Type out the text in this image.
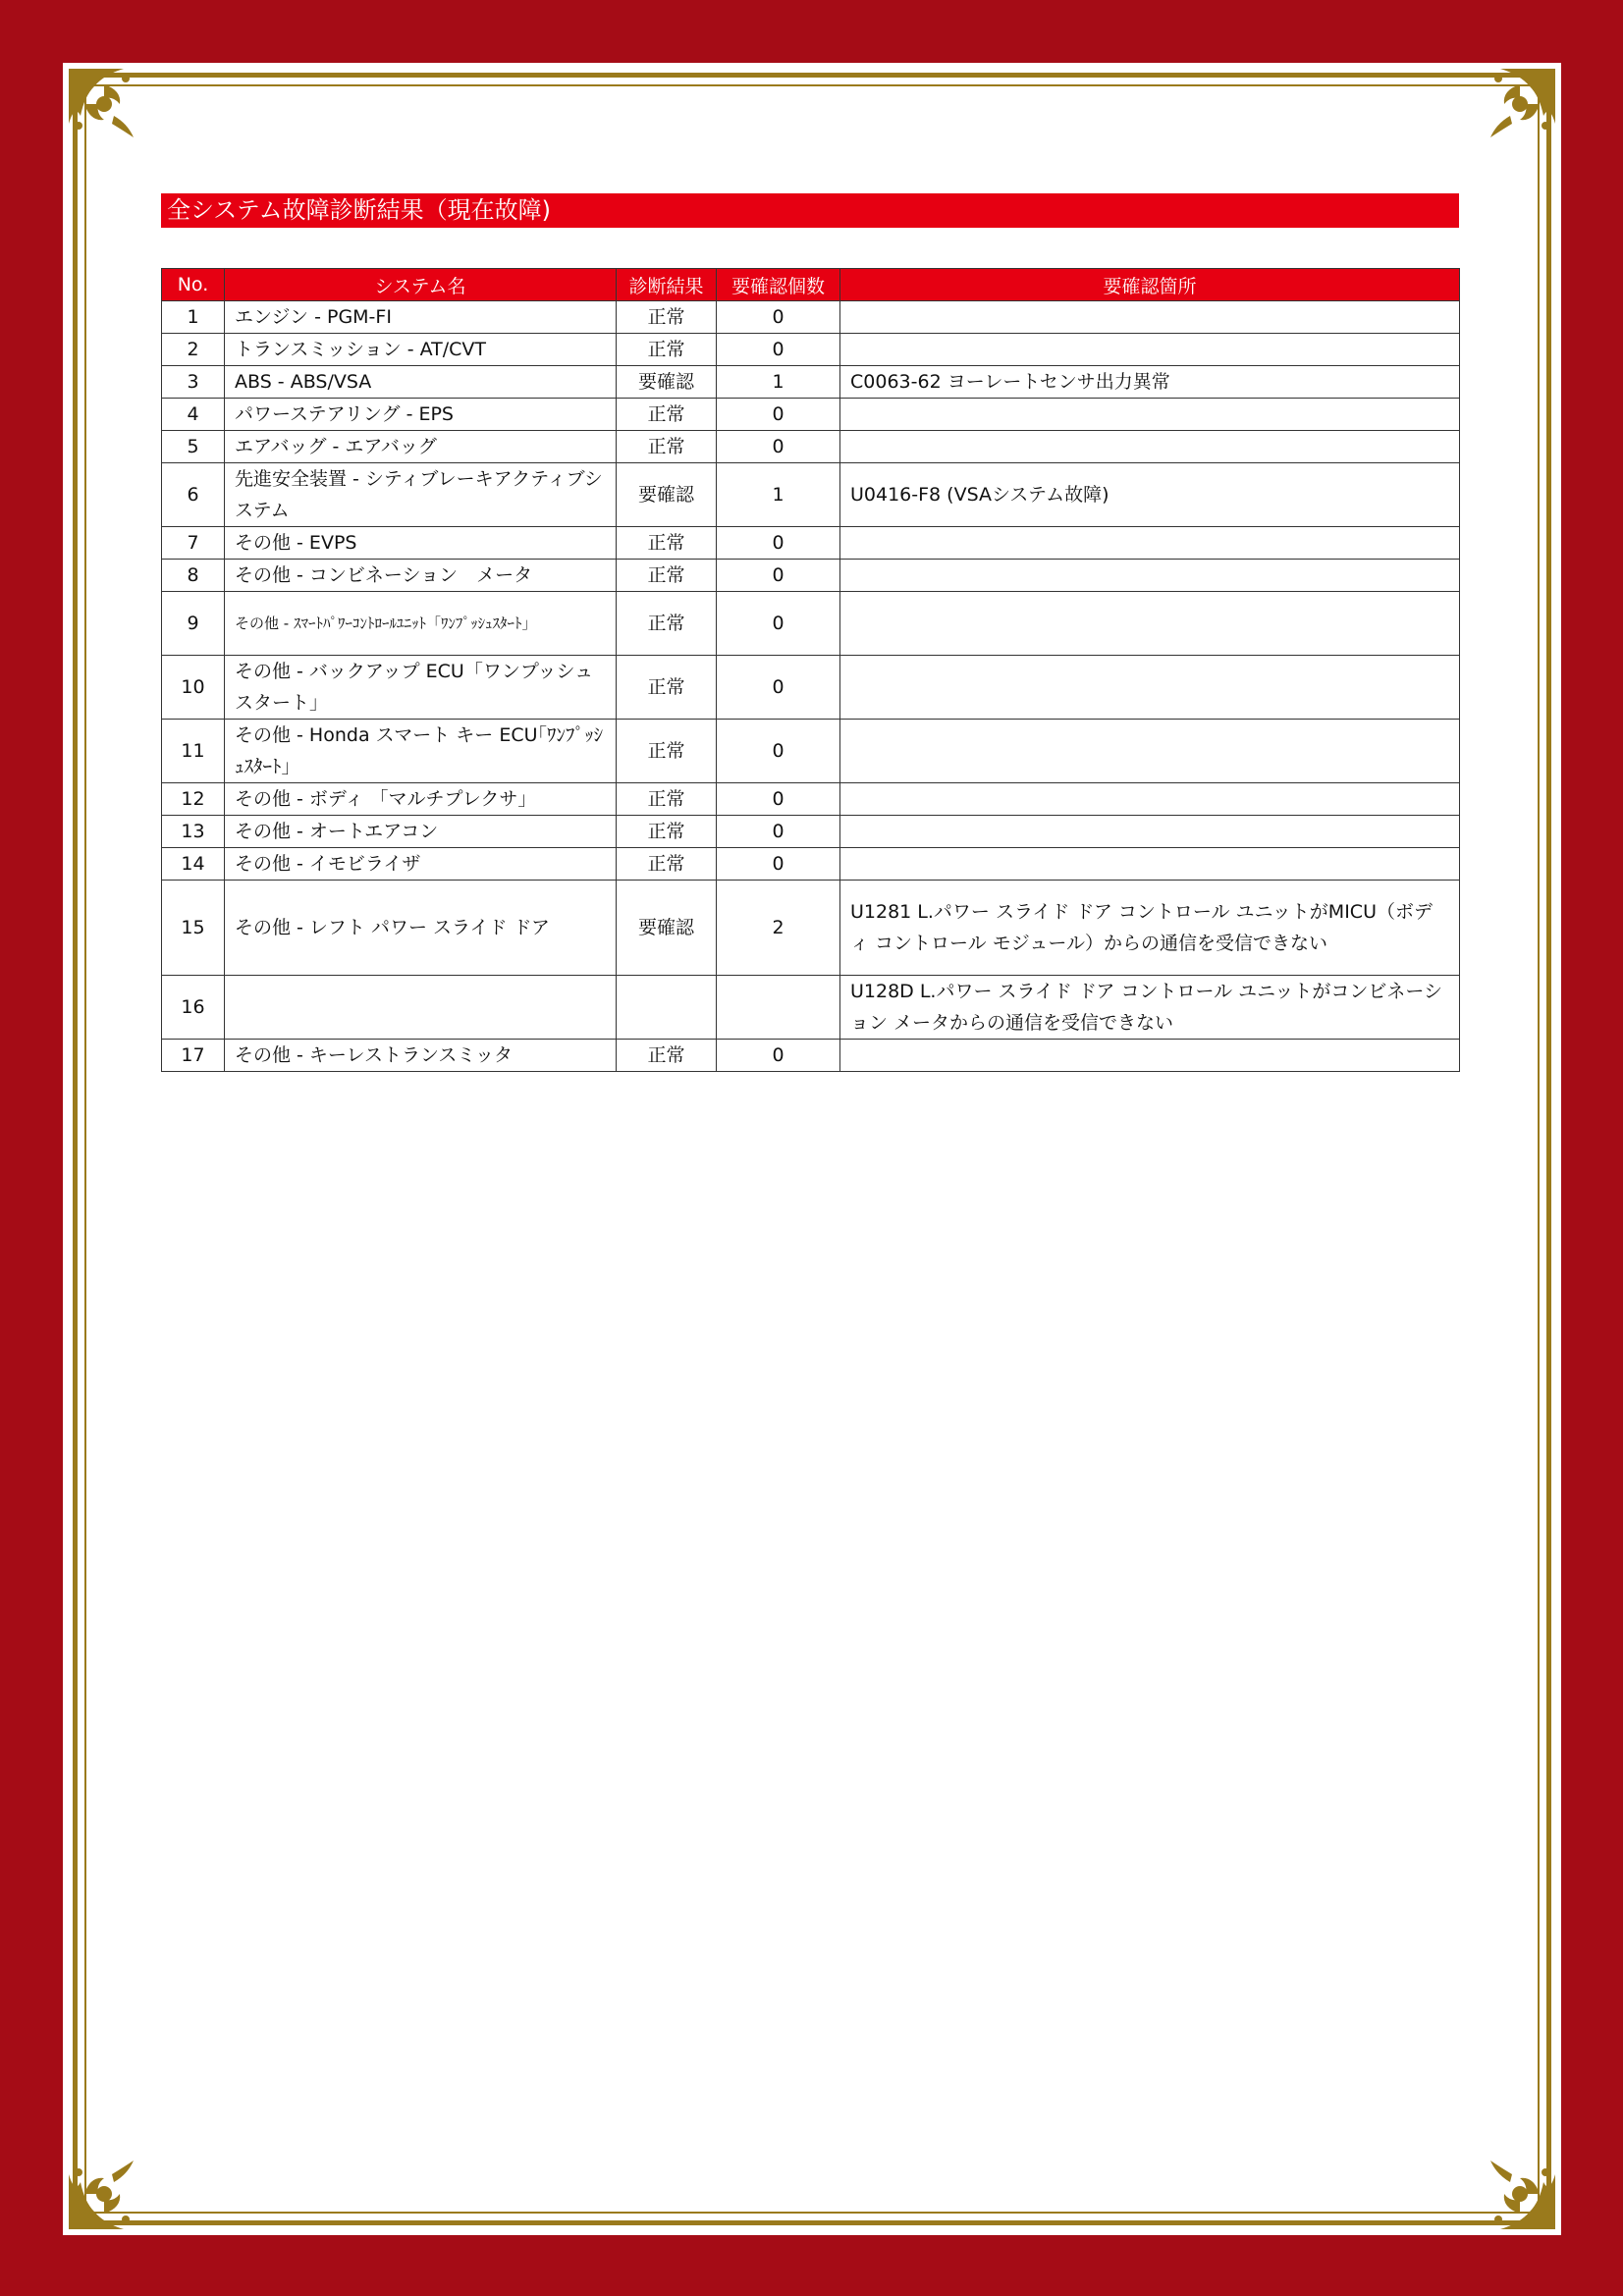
全システム故障診断結果（現在故障)
No.	システム名	診断結果	要確認個数	要確認箇所
1	エンジン - PGM-FI	正常	0	
2	トランスミッション - AT/CVT	正常	0	
3	ABS - ABS/VSA	要確認	1	C0063-62 ヨーレートセンサ出力異常
4	パワーステアリング - EPS	正常	0	
5	エアバッグ - エアバッグ	正常	0	
6	先進安全装置 - シティブレーキアクティブシステム	要確認	1	U0416-F8 (VSAシステム故障)
7	その他 - EVPS	正常	0	
8	その他 - コンビネーション　メータ	正常	0	
9	その他 - ｽﾏｰﾄﾊﾟﾜｰｺﾝﾄﾛｰﾙﾕﾆｯﾄ「ﾜﾝﾌﾟｯｼｭｽﾀｰﾄ」	正常	0	
10	その他 - バックアップ ECU「ワンプッシュスタート」	正常	0	
11	その他 - Honda スマート キー ECU｢ﾜﾝﾌﾟｯｼｭｽﾀｰﾄ｣	正常	0	
12	その他 - ボディ 「マルチプレクサ」	正常	0	
13	その他 - オートエアコン	正常	0	
14	その他 - イモビライザ	正常	0	
15	その他 - レフト パワー スライド ドア	要確認	2	U1281 L.パワー スライド ドア コントロール ユニットがMICU（ボディ コントロール モジュール）からの通信を受信できない
16				U128D L.パワー スライド ドア コントロール ユニットがコンビネーション メータからの通信を受信できない
17	その他 - キーレストランスミッタ	正常	0	
